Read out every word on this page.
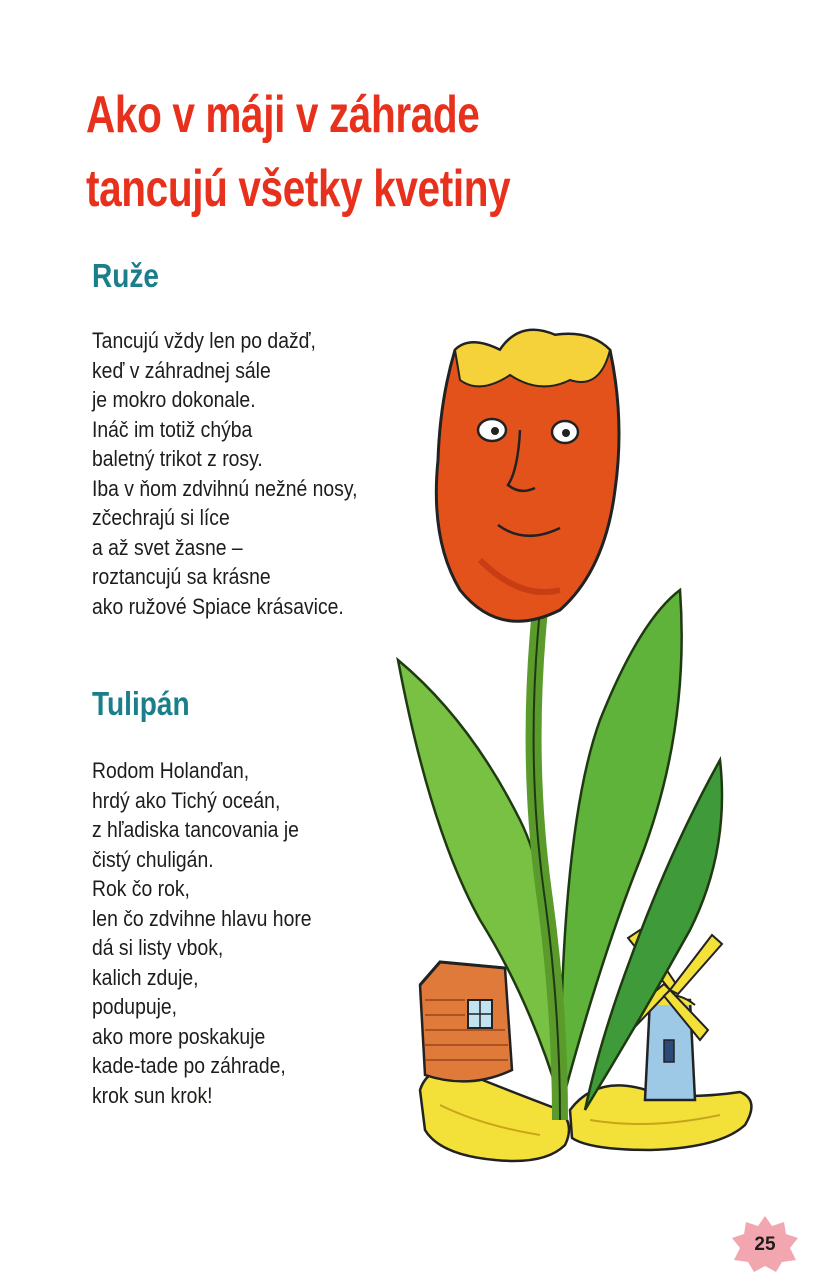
Ako v máji v záhrade
tancujú všetky kvetiny
Ruže
Tancujú vždy len po dažď,
keď v záhradnej sále
je mokro dokonale.
Ináč im totiž chýba
baletný trikot z rosy.
Iba v ňom zdvihnú nežné nosy,
zčechrajú si líce
a až svet žasne –
roztancujú sa krásne
ako ružové Spiace krásavice.
Tulipán
Rodom Holanďan,
hrdý ako Tichý oceán,
z hľadiska tancovania je
čistý chuligán.
Rok čo rok,
len čo zdvihne hlavu hore
dá si listy vbok,
kalich zduje,
podupuje,
ako more poskakuje
kade-tade po záhrade,
krok sun krok!
25
